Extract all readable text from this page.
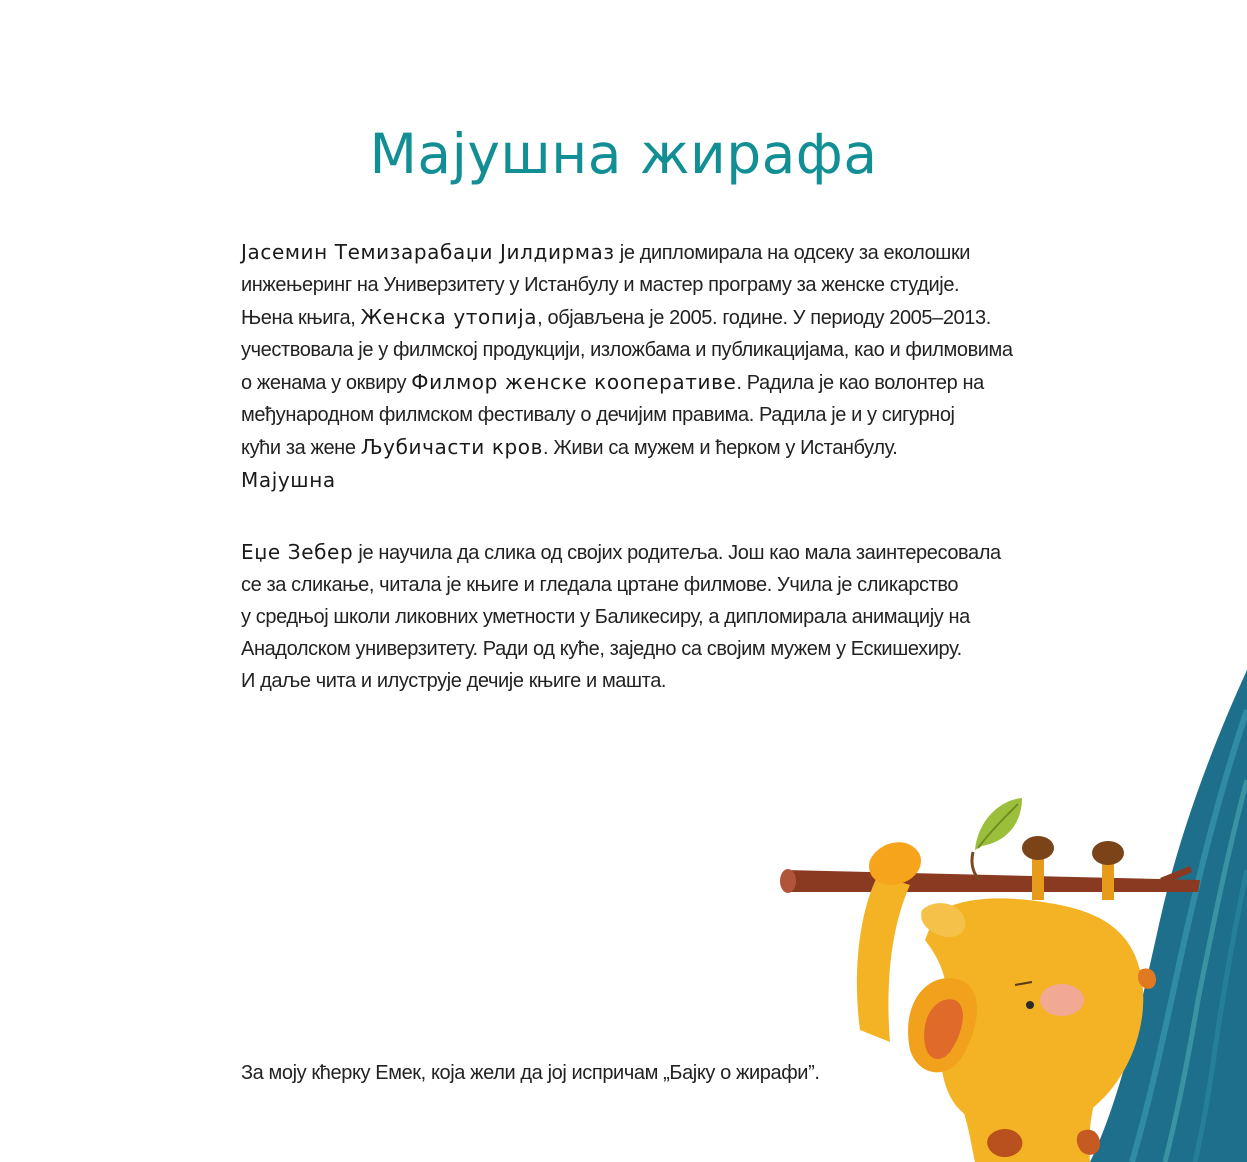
Мајушна жирафа

Јасемин Темизарабаџи Јилдирмаз је дипломирала на одсеку за еколошки
инжењеринг на Универзитету у Истанбулу и мастер програму за женске студије.
Њена књига, Женска утопија, објављена је 2005. године. У периоду 2005–2013.
учествовала је у филмској продукцији, изложбама и публикацијама, као и филмовима
о женама у оквиру Филмор женске кооперативе. Радила је као волонтер на
међународном филмском фестивалу о дечијим правима. Радила је и у сигурној
кући за жене Љубичасти кров. Живи са мужем и ћерком у Истанбулу.
Мајушна

Еџе Зебер је научила да слика од својих родитеља. Још као мала заинтересовала
се за сликање, читала је књиге и гледала цртане филмове. Учила је сликарство
у средњој школи ликовних уметности у Баликесиру, а дипломирала анимацију на
Анадолском универзитету. Ради од куће, заједно са својим мужем у Ескишехиру.
И даље чита и илуструје дечије књиге и машта.

За моју кћерку Емек, која жели да јој испричам „Бајку о жирафи”.
